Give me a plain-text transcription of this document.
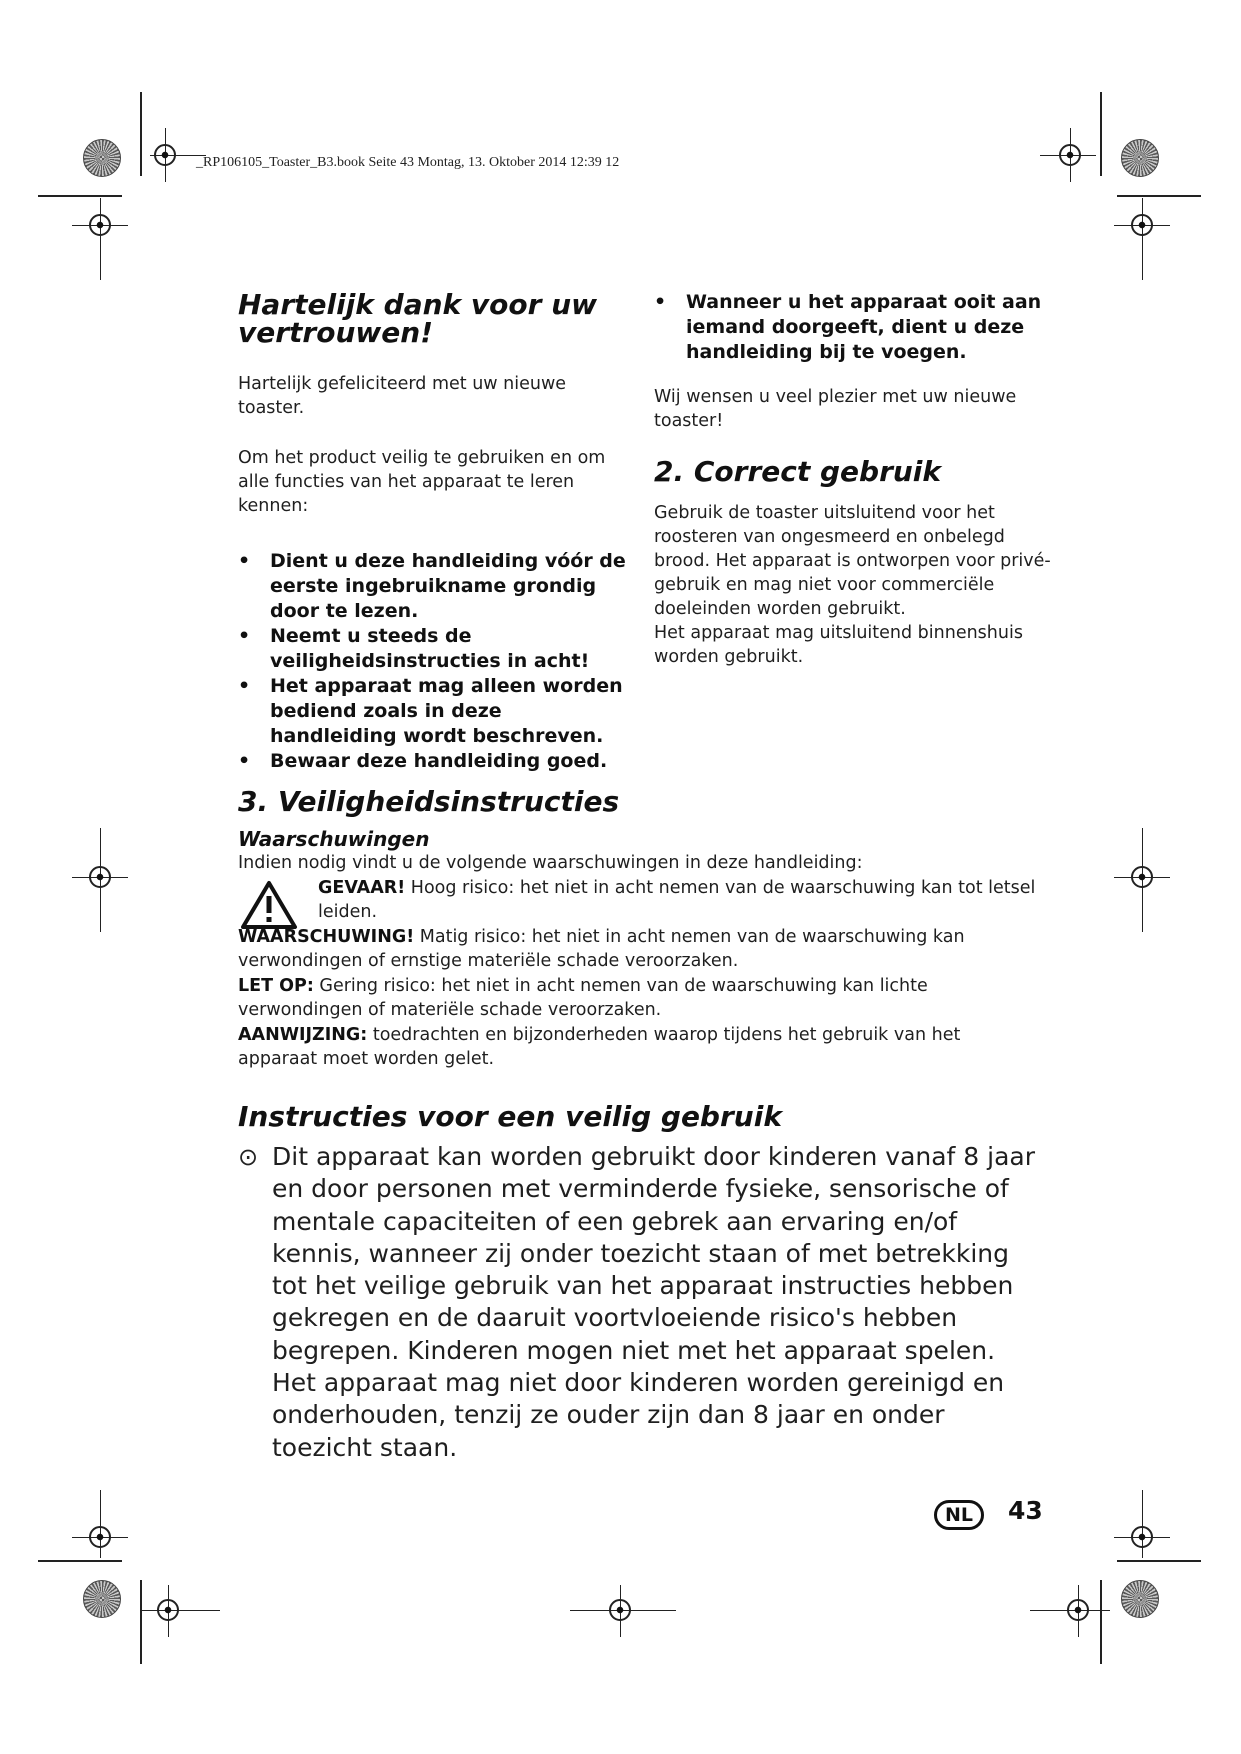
_RP106105_Toaster_B3.book Seite 43 Montag, 13. Oktober 2014 12:39 12
Hartelijk dank voor uw vertrouwen!

Hartelijk gefeliciteerd met uw nieuwe toaster.

Om het product veilig te gebruiken en om alle functies van het apparaat te leren kennen:

• Dient u deze handleiding vóór de eerste ingebruikname grondig door te lezen.
• Neemt u steeds de veiligheidsinstructies in acht!
• Het apparaat mag alleen worden bediend zoals in deze handleiding wordt beschreven.
• Bewaar deze handleiding goed.
• Wanneer u het apparaat ooit aan iemand doorgeeft, dient u deze handleiding bij te voegen.

Wij wensen u veel plezier met uw nieuwe toaster!

2. Correct gebruik

Gebruik de toaster uitsluitend voor het roosteren van ongesmeerd en onbelegd brood. Het apparaat is ontworpen voor privé-gebruik en mag niet voor commerciële doeleinden worden gebruikt.

Het apparaat mag uitsluitend binnenshuis worden gebruikt.

3. Veiligheidsinstructies
Waarschuwingen

Indien nodig vindt u de volgende waarschuwingen in deze handleiding:

GEVAAR! Hoog risico: het niet in acht nemen van de waarschuwing kan tot letsel leiden.

WAARSCHUWING! Matig risico: het niet in acht nemen van de waarschuwing kan verwondingen of ernstige materiële schade veroorzaken.

LET OP: Gering risico: het niet in acht nemen van de waarschuwing kan lichte verwondingen of materiële schade veroorzaken.

AANWIJZING: toedrachten en bijzonderheden waarop tijdens het gebruik van het apparaat moet worden gelet.

Instructies voor een veilig gebruik
⊙ Dit apparaat kan worden gebruikt door kinderen vanaf 8 jaar en door personen met verminderde fysieke, sensorische of mentale capaciteiten of een gebrek aan ervaring en/of kennis, wanneer zij onder toezicht staan of met betrekking tot het veilige gebruik van het apparaat instructies hebben gekregen en de daaruit voortvloeiende risico's hebben begrepen. Kinderen mogen niet met het apparaat spelen. Het apparaat mag niet door kinderen worden gereinigd en onderhouden, tenzij ze ouder zijn dan 8 jaar en onder toezicht staan.

NL	43
